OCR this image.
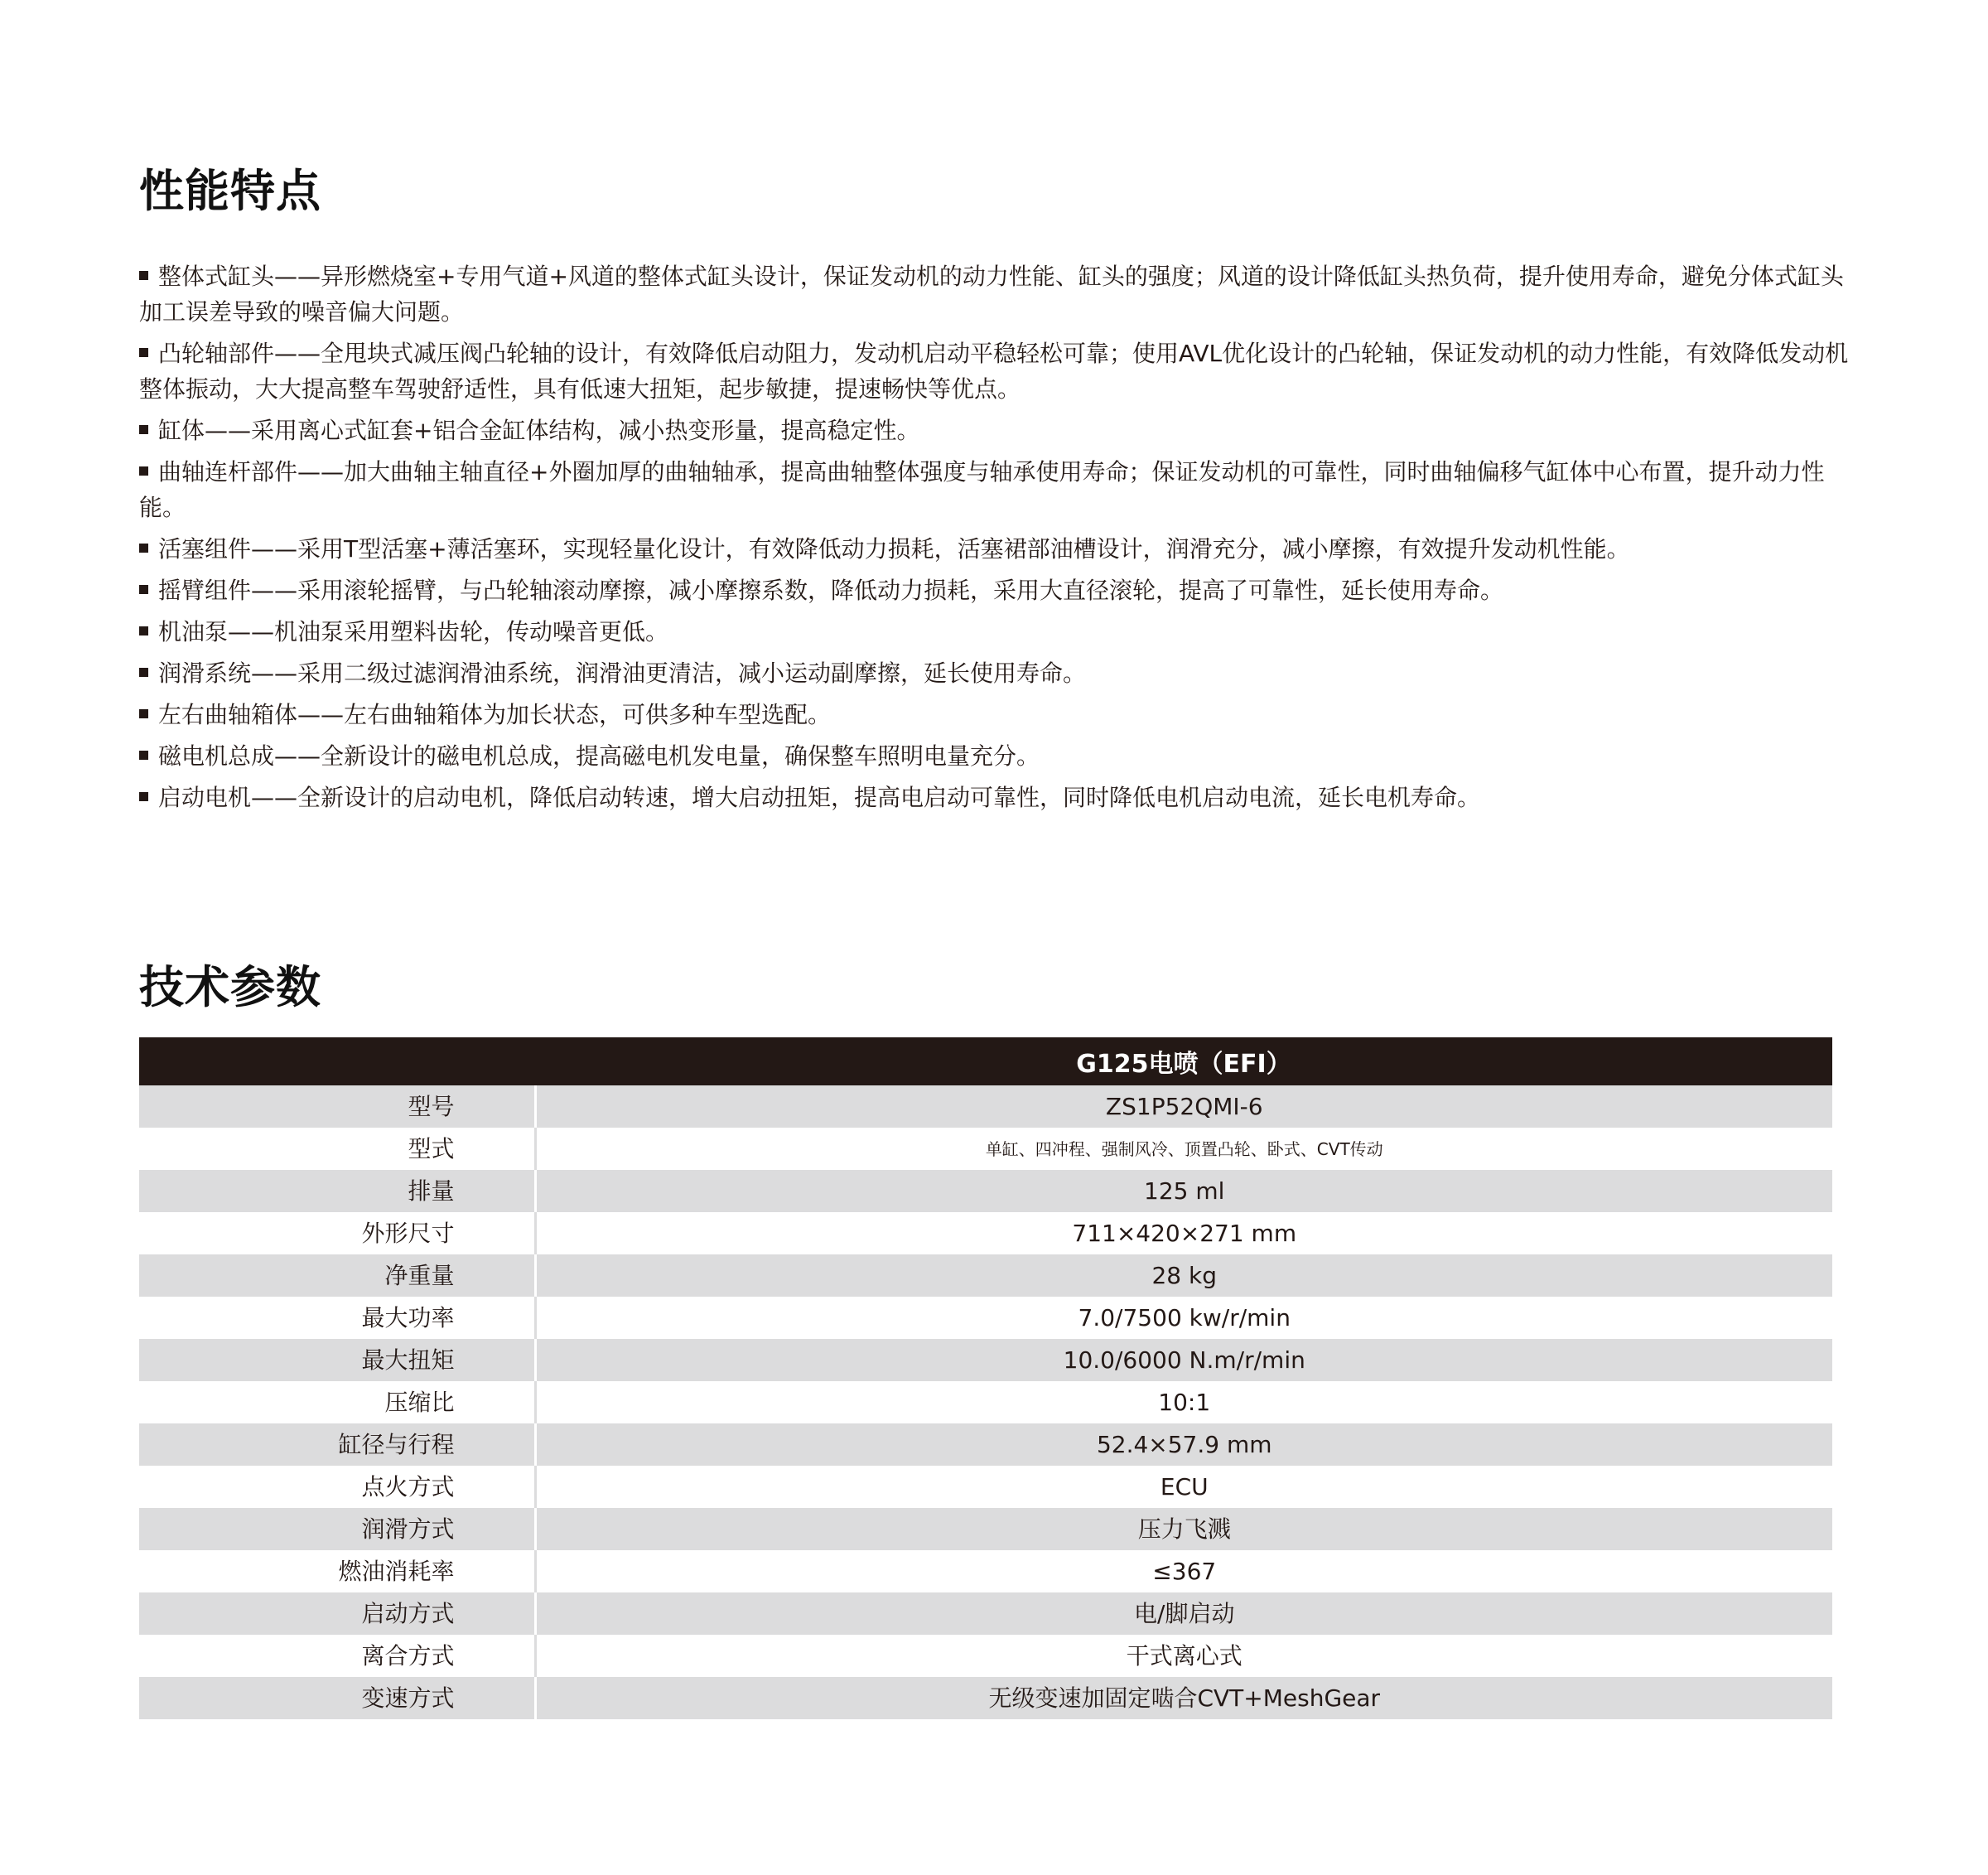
性能特点
整体式缸头——异形燃烧室+专用气道+风道的整体式缸头设计，保证发动机的动力性能、缸头的强度；风道的设计降低缸头热负荷，提升使用寿命，避免分体式缸头加工误差导致的噪音偏大问题。
凸轮轴部件——全甩块式减压阀凸轮轴的设计，有效降低启动阻力，发动机启动平稳轻松可靠；使用AVL优化设计的凸轮轴，保证发动机的动力性能，有效降低发动机整体振动，大大提高整车驾驶舒适性，具有低速大扭矩，起步敏捷，提速畅快等优点。
缸体——采用离心式缸套+铝合金缸体结构，减小热变形量，提高稳定性。
曲轴连杆部件——加大曲轴主轴直径+外圈加厚的曲轴轴承，提高曲轴整体强度与轴承使用寿命；保证发动机的可靠性，同时曲轴偏移气缸体中心布置，提升动力性能。
活塞组件——采用T型活塞+薄活塞环，实现轻量化设计，有效降低动力损耗，活塞裙部油槽设计，润滑充分，减小摩擦，有效提升发动机性能。
摇臂组件——采用滚轮摇臂，与凸轮轴滚动摩擦，减小摩擦系数，降低动力损耗，采用大直径滚轮，提高了可靠性，延长使用寿命。
机油泵——机油泵采用塑料齿轮，传动噪音更低。
润滑系统——采用二级过滤润滑油系统，润滑油更清洁，减小运动副摩擦，延长使用寿命。
左右曲轴箱体——左右曲轴箱体为加长状态，可供多种车型选配。
磁电机总成——全新设计的磁电机总成，提高磁电机发电量，确保整车照明电量充分。
启动电机——全新设计的启动电机，降低启动转速，增大启动扭矩，提高电启动可靠性，同时降低电机启动电流，延长电机寿命。
技术参数
G125电喷（EFI）	
型号	ZS1P52QMI-6
型式	单缸、四冲程、强制风冷、顶置凸轮、卧式、CVT传动
排量	125 ml
外形尺寸	711×420×271 mm
净重量	28 kg
最大功率	7.0/7500 kw/r/min
最大扭矩	10.0/6000 N.m/r/min
压缩比	10:1
缸径与行程	52.4×57.9 mm
点火方式	ECU
润滑方式	压力飞溅
燃油消耗率	≤367
启动方式	电/脚启动
离合方式	干式离心式
变速方式	无级变速加固定啮合CVT+MeshGear
